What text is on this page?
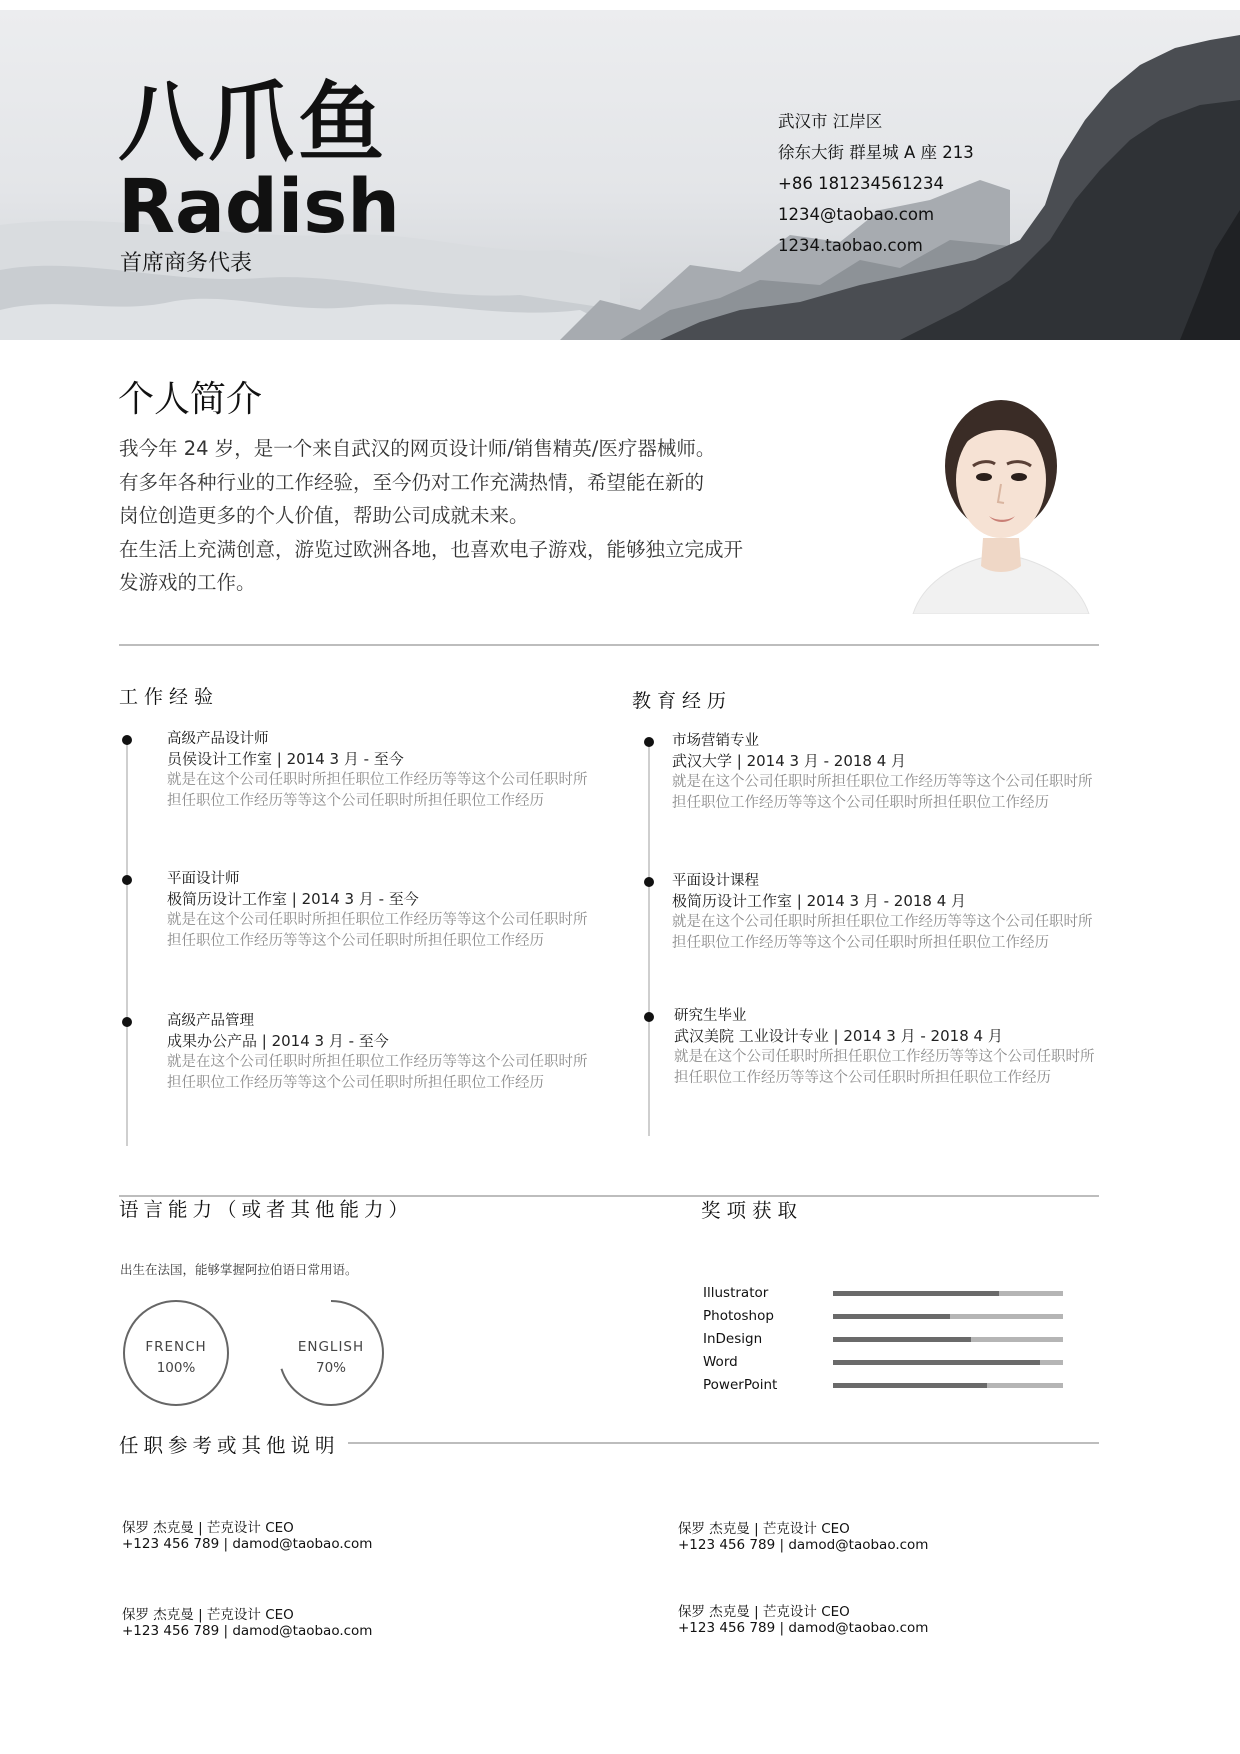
八爪鱼
Radish
首席商务代表
武汉市 江岸区
徐东大街 群星城 A 座 213
+86 181234561234
1234@taobao.com
1234.taobao.com
个人简介

我今年 24 岁，是一个来自武汉的网页设计师/销售精英/医疗器械师。

有多年各种行业的工作经验，至今仍对工作充满热情，希望能在新的

岗位创造更多的个人价值，帮助公司成就未来。

在生活上充满创意，游览过欧洲各地，也喜欢电子游戏，能够独立完成开发游戏的工作。

工作经验
高级产品设计师
员侯设计工作室 | 2014 3 月 - 至今
就是在这个公司任职时所担任职位工作经历等等这个公司任职时所担任职位工作经历等等这个公司任职时所担任职位工作经历
平面设计师
极简历设计工作室 | 2014 3 月 - 至今
就是在这个公司任职时所担任职位工作经历等等这个公司任职时所担任职位工作经历等等这个公司任职时所担任职位工作经历
高级产品管理
成果办公产品 | 2014 3 月 - 至今
就是在这个公司任职时所担任职位工作经历等等这个公司任职时所担任职位工作经历等等这个公司任职时所担任职位工作经历
教育经历
市场营销专业
武汉大学 | 2014 3 月 - 2018 4 月
就是在这个公司任职时所担任职位工作经历等等这个公司任职时所担任职位工作经历等等这个公司任职时所担任职位工作经历
平面设计课程
极简历设计工作室 | 2014 3 月 - 2018 4 月
就是在这个公司任职时所担任职位工作经历等等这个公司任职时所担任职位工作经历等等这个公司任职时所担任职位工作经历
研究生毕业
武汉美院 工业设计专业 | 2014 3 月 - 2018 4 月
就是在这个公司任职时所担任职位工作经历等等这个公司任职时所担任职位工作经历等等这个公司任职时所担任职位工作经历
语言能力（或者其他能力）	奖项获取
出生在法国，能够掌握阿拉伯语日常用语。
FRENCH
100%
ENGLISH
70%
Illustrator
Photoshop
InDesign
Word
PowerPoint
任职参考或其他说明
保罗 杰克曼 | 芒克设计 CEO
+123 456 789 | damod@taobao.com
保罗 杰克曼 | 芒克设计 CEO
+123 456 789 | damod@taobao.com
保罗 杰克曼 | 芒克设计 CEO
+123 456 789 | damod@taobao.com
保罗 杰克曼 | 芒克设计 CEO
+123 456 789 | damod@taobao.com
